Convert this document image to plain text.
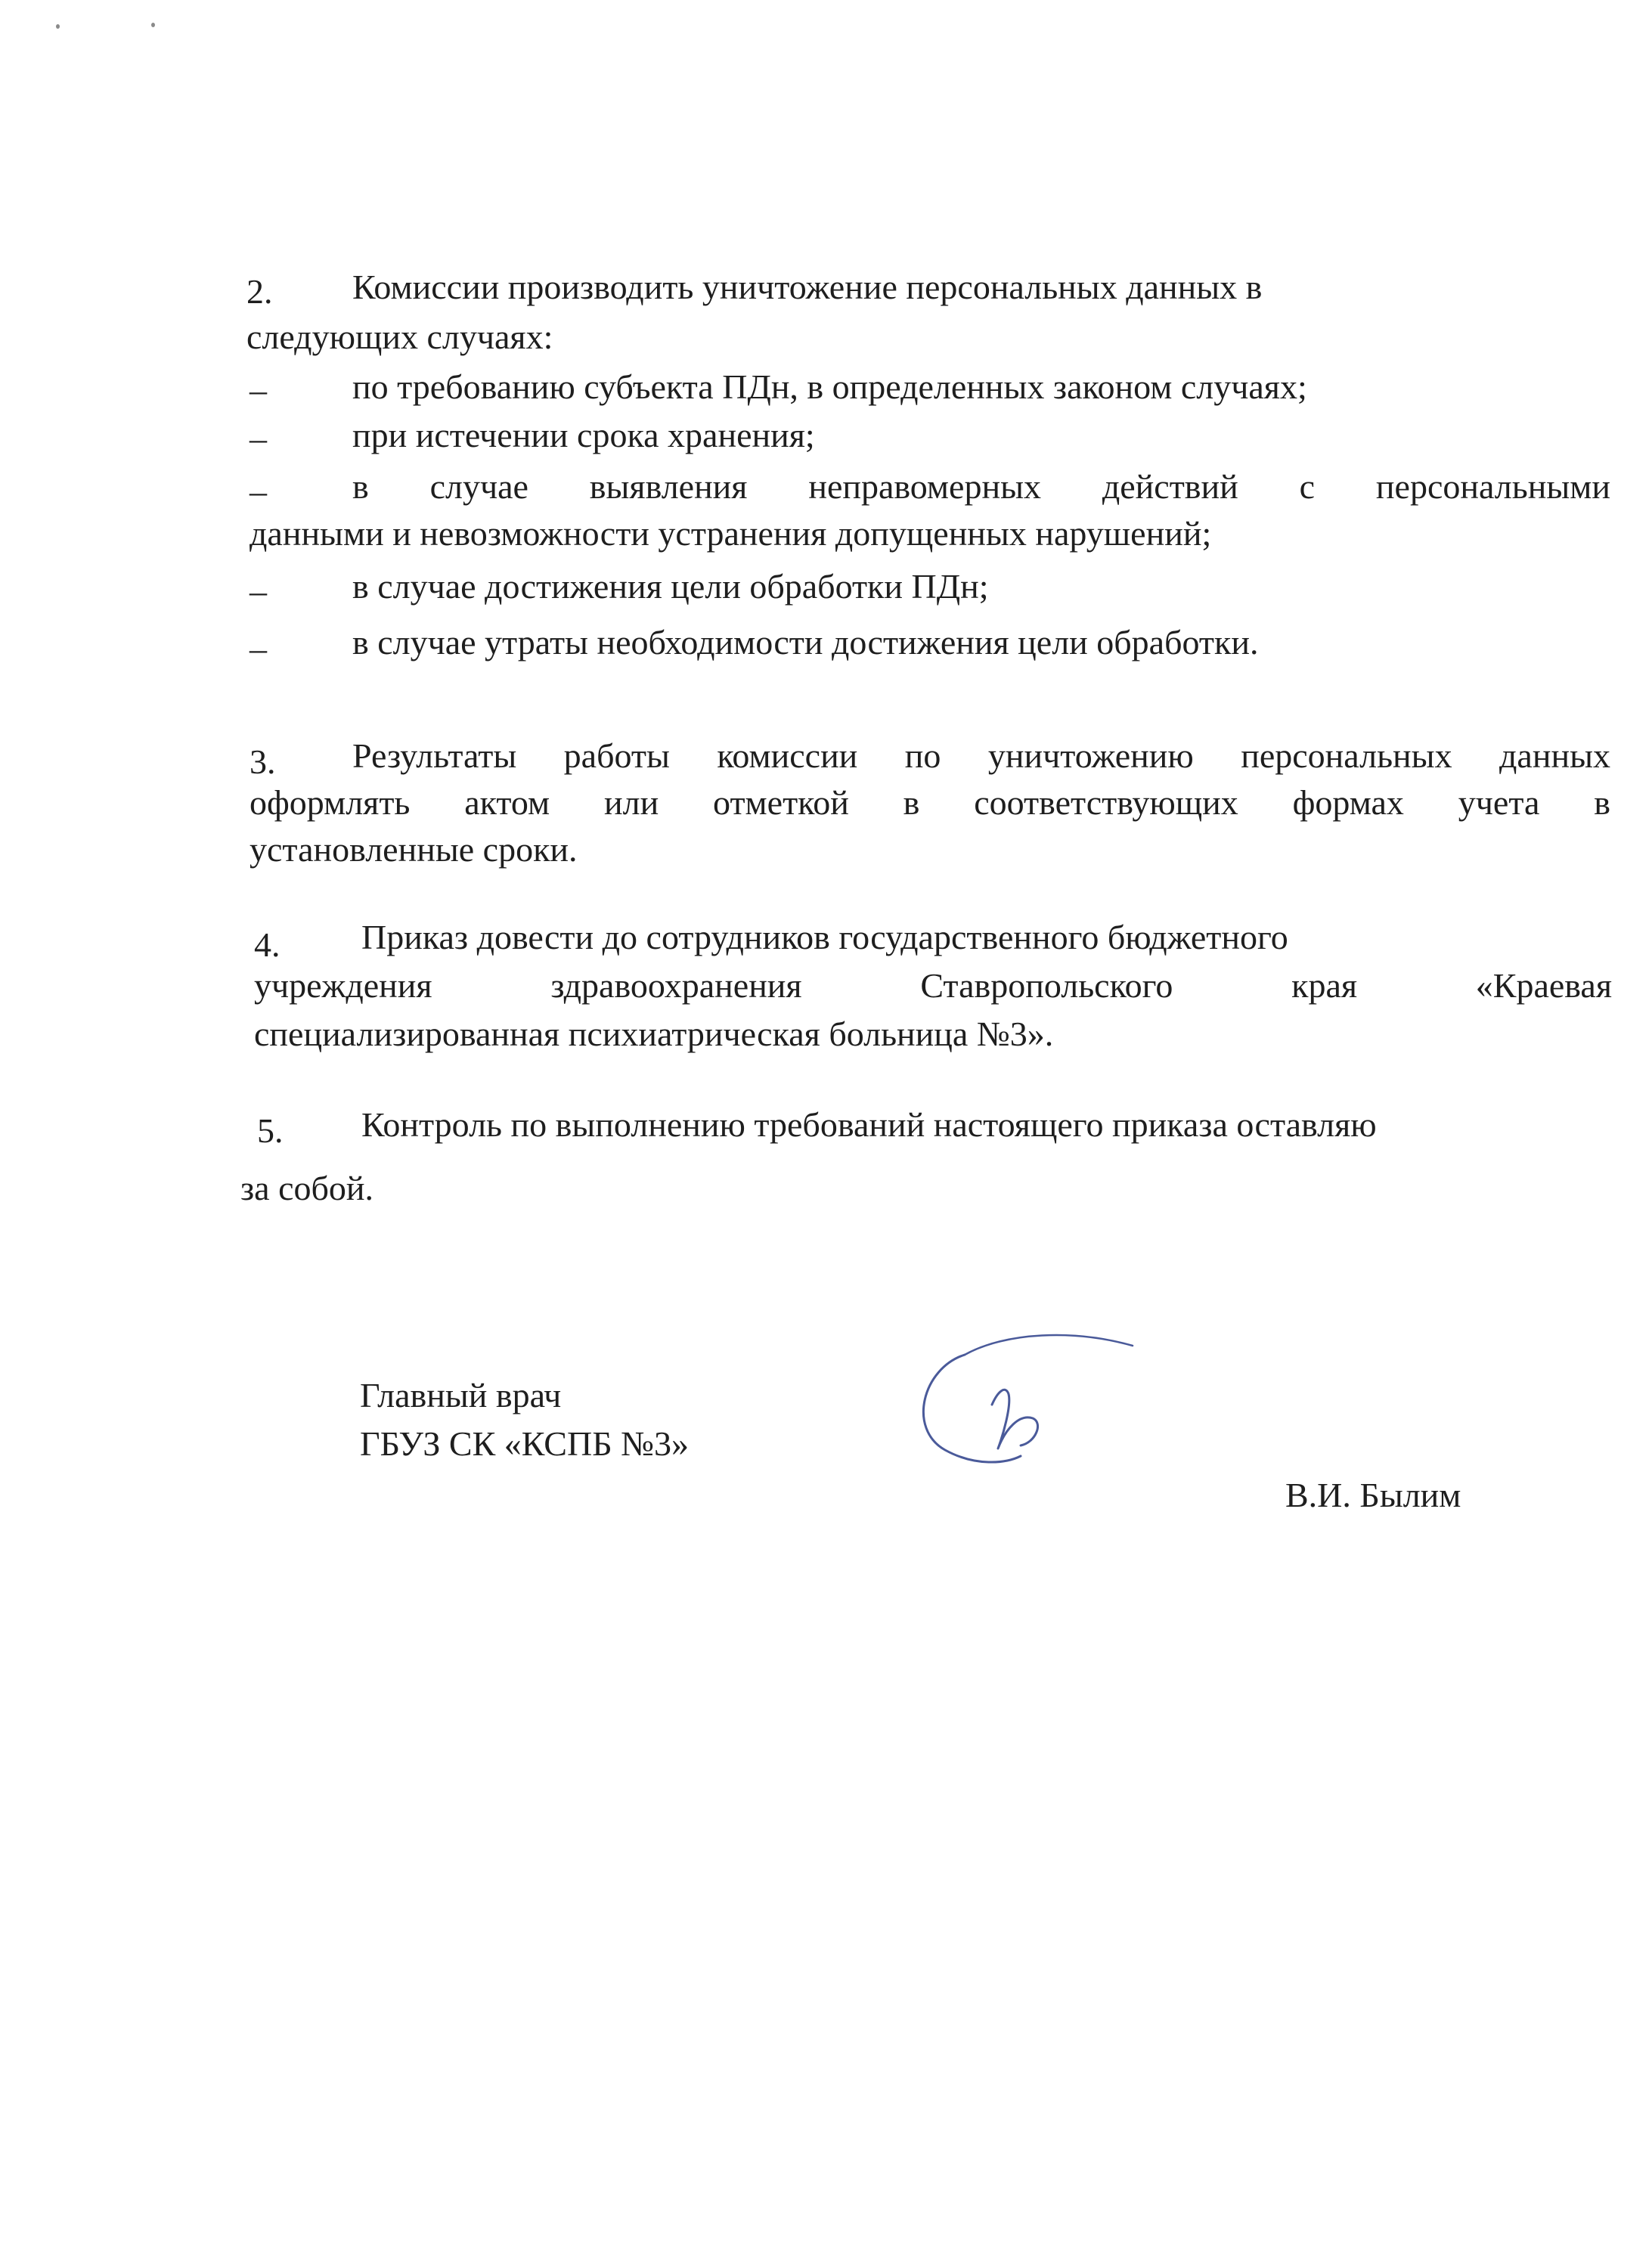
2. Комиссии производить уничтожение персональных данных в
следующих случаях:
– по требованию субъекта ПДн, в определенных законом случаях;
– при истечении срока хранения;
– в случае выявления неправомерных действий с персональными
данными и невозможности устранения допущенных нарушений;
– в случае достижения цели обработки ПДн;
– в случае утраты необходимости достижения цели обработки.
3. Результаты работы комиссии по уничтожению персональных данных
оформлять актом или отметкой в соответствующих формах учета в
установленные сроки.
4. Приказ довести до сотрудников государственного бюджетного
учреждения здравоохранения Ставропольского края «Краевая
специализированная психиатрическая больница №3».
5. Контроль по выполнению требований настоящего приказа оставляю
за собой.
Главный врач
ГБУЗ СК «КСПБ №3»
В.И. Былим
